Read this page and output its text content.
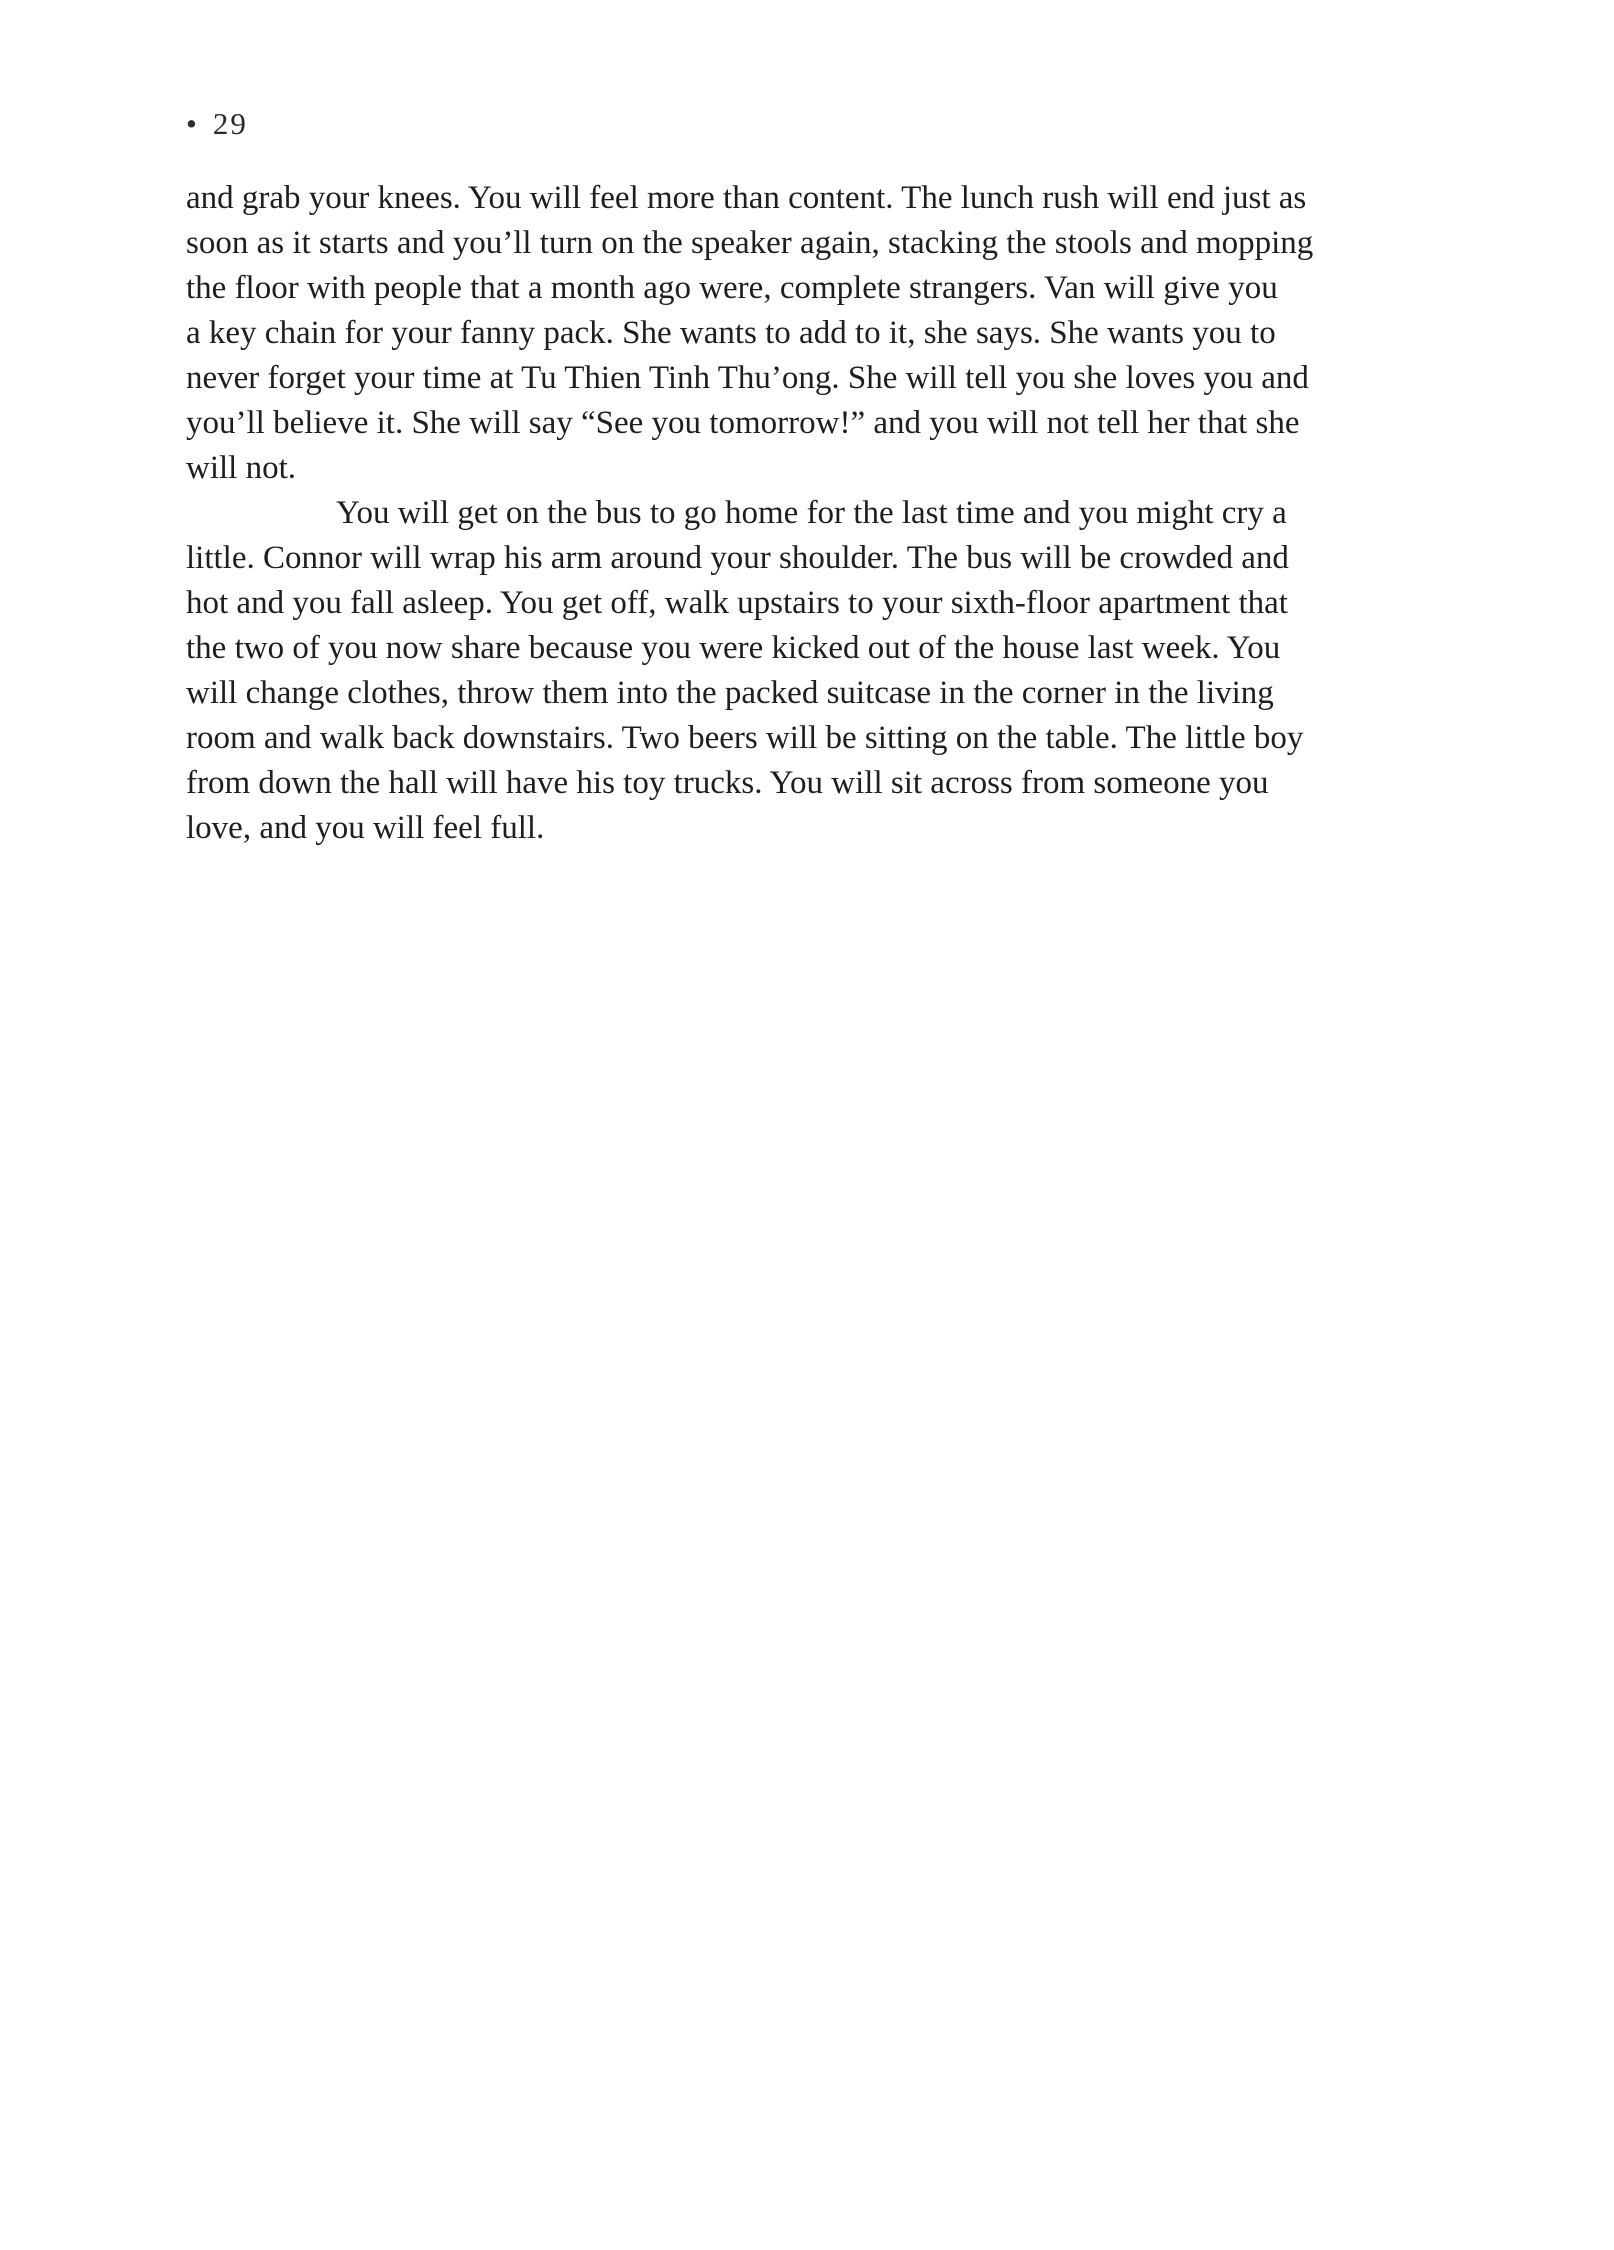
• 29
and grab your knees. You will feel more than content. The lunch rush will end just as
soon as it starts and you’ll turn on the speaker again, stacking the stools and mopping
the floor with people that a month ago were, complete strangers. Van will give you
a key chain for your fanny pack. She wants to add to it, she says. She wants you to
never forget your time at Tu Thien Tinh Thu’ong. She will tell you she loves you and
you’ll believe it. She will say “See you tomorrow!” and you will not tell her that she
will not.
You will get on the bus to go home for the last time and you might cry a
little. Connor will wrap his arm around your shoulder. The bus will be crowded and
hot and you fall asleep. You get off, walk upstairs to your sixth-floor apartment that
the two of you now share because you were kicked out of the house last week. You
will change clothes, throw them into the packed suitcase in the corner in the living
room and walk back downstairs. Two beers will be sitting on the table. The little boy
from down the hall will have his toy trucks. You will sit across from someone you
love, and you will feel full.
